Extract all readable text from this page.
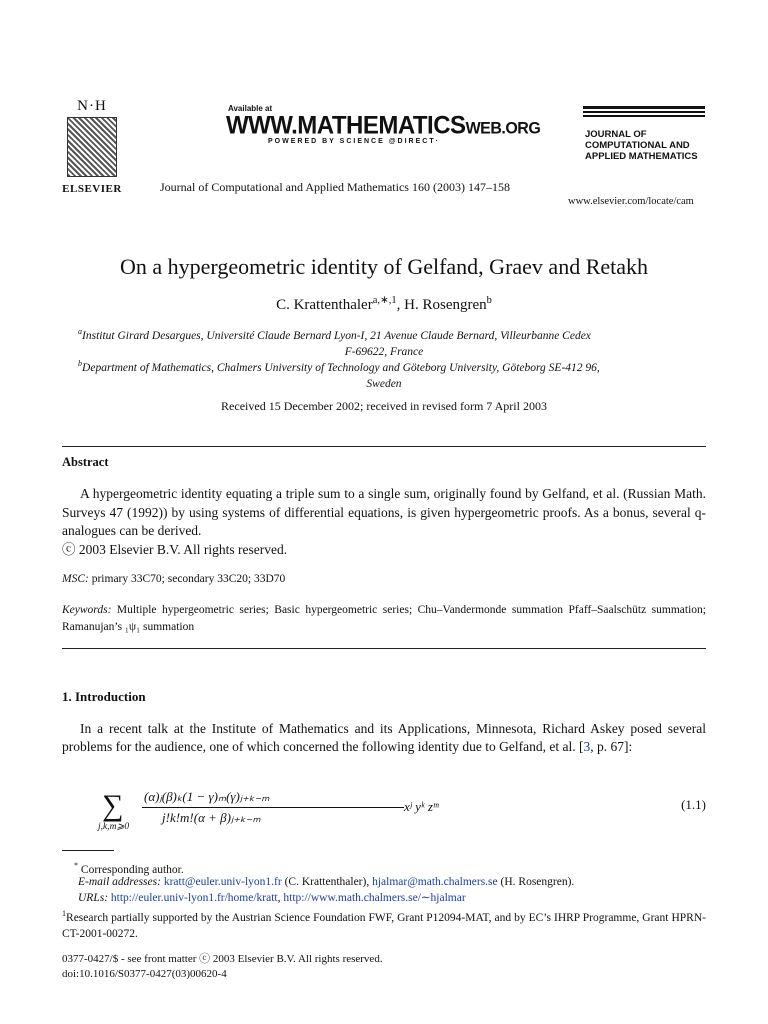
N·H
ELSEVIER
Available at
WWW.MATHEMATICSWEB.ORG
POWERED BY SCIENCE @DIRECT·
Journal of Computational and Applied Mathematics 160 (2003) 147–158
JOURNAL OF
COMPUTATIONAL AND
APPLIED MATHEMATICS
www.elsevier.com/locate/cam
On a hypergeometric identity of Gelfand, Graev and Retakh
C. Krattenthaler$^{a,∗,1}$, H. Rosengren$^b$
$^a$Institut Girard Desargues, Université Claude Bernard Lyon-I, 21 Avenue Claude Bernard, Villeurbanne Cedex
F-69622, France
$^b$Department of Mathematics, Chalmers University of Technology and Göteborg University, Göteborg SE-412 96,
Sweden
Received 15 December 2002; received in revised form 7 April 2003
Abstract

A hypergeometric identity equating a triple sum to a single sum, originally found by Gelfand, et al. (Russian Math. Surveys 47 (1992)) by using systems of differential equations, is given hypergeometric proofs. As a bonus, several q-analogues can be derived.

ⓒ 2003 Elsevier B.V. All rights reserved.
MSC: primary 33C70; secondary 33C20; 33D70
Keywords: Multiple hypergeometric series; Basic hypergeometric series; Chu–Vandermonde summation Pfaff–Saalschütz summation; Ramanujan’s ₁ψ₁ summation
1. Introduction

In a recent talk at the Institute of Mathematics and its Applications, Minnesota, Richard Askey posed several problems for the audience, one of which concerned the following identity due to Gelfand, et al. [3, p. 67]:

∑
j,k,m⩾0
(α)ⱼ(β)ₖ(1 − γ)ₘ(γ)ⱼ₊ₖ₋ₘ
j!k!m!(α + β)ⱼ₊ₖ₋ₘ
xʲ yᵏ zᵐ	(1.1)
* Corresponding author.
E-mail addresses: kratt@euler.univ-lyon1.fr (C. Krattenthaler), hjalmar@math.chalmers.se (H. Rosengren).
URLs: http://euler.univ-lyon1.fr/home/kratt, http://www.math.chalmers.se/∼hjalmar
$^1$Research partially supported by the Austrian Science Foundation FWF, Grant P12094-MAT, and by EC’s IHRP Programme, Grant HPRN-CT-2001-00272.
0377-0427/$ - see front matter ⓒ 2003 Elsevier B.V. All rights reserved.
doi:10.1016/S0377-0427(03)00620-4
